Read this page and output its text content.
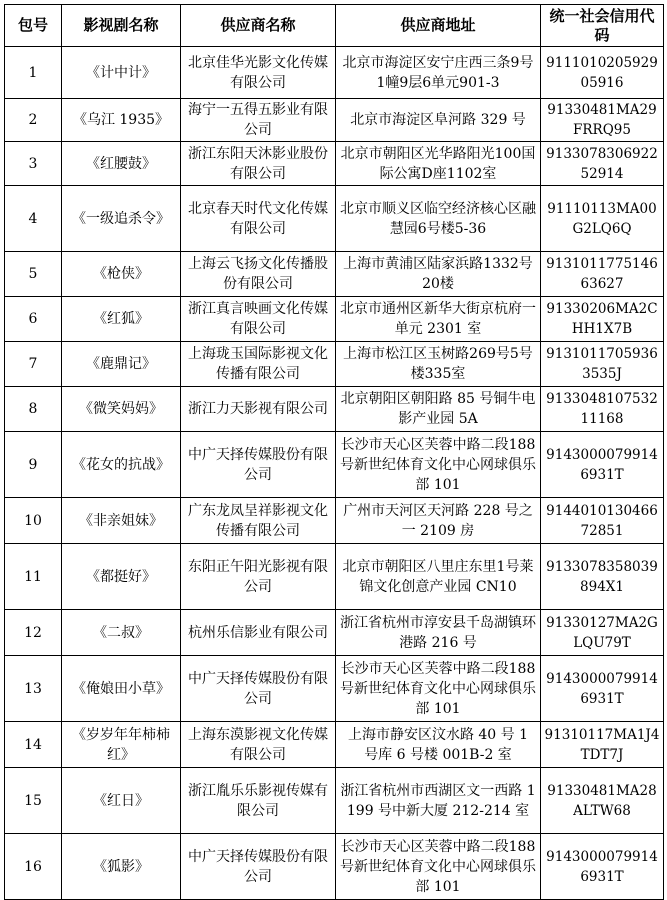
包号	影视剧名称	供应商名称	供应商地址	统一社会信用代码
1	《计中计》	北京佳华光影文化传媒有限公司	北京市海淀区安宁庄西三条9号1幢9层6单元901-3	911101020592905916
2	《乌江 1935》	海宁一五得五影业有限公司	北京市海淀区阜河路 329 号	91330481MA29FRRQ95
3	《红腰鼓》	浙江东阳天沐影业股份有限公司	北京市朝阳区光华路阳光100国际公寓D座1102室	913307830692252914
4	《一级追杀令》	北京春天时代文化传媒有限公司	北京市顺义区临空经济核心区融慧园6号楼5-36	91110113MA00G2LQ6Q
5	《枪侠》	上海云飞扬文化传播股份有限公司	上海市黄浦区陆家浜路1332号20楼	913101177514663627
6	《红狐》	浙江真言映画文化传媒有限公司	北京市通州区新华大街京杭府一单元 2301 室	91330206MA2CHH1X7B
7	《鹿鼎记》	上海珑玉国际影视文化传播有限公司	上海市松江区玉树路269号5号楼335室	91310117059363535J
8	《微笑妈妈》	浙江力天影视有限公司	北京朝阳区朝阳路 85 号铜牛电影产业园 5A	913304810753211168
9	《花女的抗战》	中广天择传媒股份有限公司	长沙市天心区芙蓉中路二段188号新世纪体育文化中心网球俱乐部 101	91430000799146931T
10	《非亲姐妹》	广东龙凤呈祥影视文化传播有限公司	广州市天河区天河路 228 号之一 2109 房	914401013046672851
11	《都挺好》	东阳正午阳光影视有限公司	北京市朝阳区八里庄东里1号莱锦文化创意产业园 CN10	9133078358039894X1
12	《二叔》	杭州乐信影业有限公司	浙江省杭州市淳安县千岛湖镇环港路 216 号	91330127MA2GLQU79T
13	《俺娘田小草》	中广天择传媒股份有限公司	长沙市天心区芙蓉中路二段188号新世纪体育文化中心网球俱乐部 101	91430000799146931T
14	《岁岁年年柿柿红》	上海东漠影视文化传媒有限公司	上海市静安区汶水路 40 号 1 号库 6 号楼 001B-2 室	91310117MA1J4TDT7J
15	《红日》	浙江胤乐乐影视传媒有限公司	浙江省杭州市西湖区文一西路 1199 号中新大厦 212-214 室	91330481MA28ALTW68
16	《狐影》	中广天择传媒股份有限公司	长沙市天心区芙蓉中路二段188号新世纪体育文化中心网球俱乐部 101	91430000799146931T
